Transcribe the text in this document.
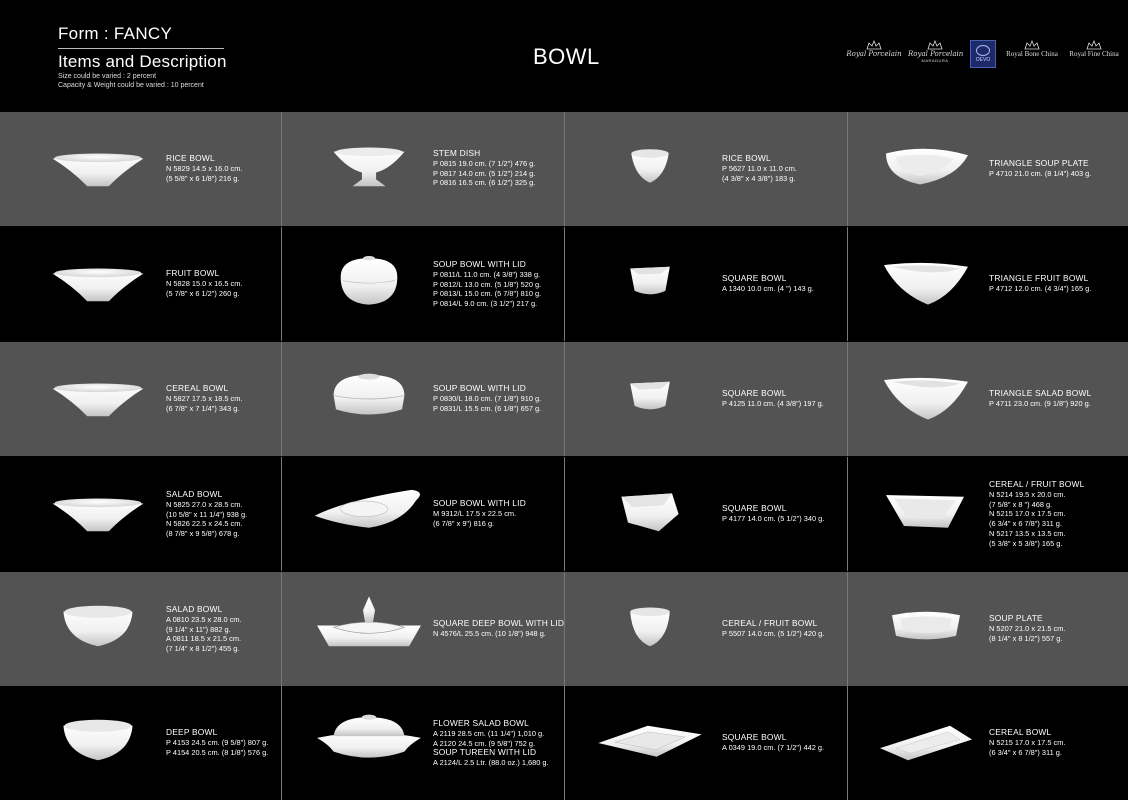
Form : FANCY
Items and Description
Size could be varied : 2 percent
Capacity & Weight could be varied : 10 percent
BOWL	Royal Porcelain Royal Porcelain
MARADURA	OEVO
Royal Bone China	Royal Fine China
RICE BOWL
N 5829 14.5 x 16.0 cm.
(5 5/8" x 6 1/8") 216 g.
STEM DISH
P 0815 19.0 cm. (7 1/2") 476 g.
P 0817 14.0 cm. (5 1/2") 214 g.
P 0816 16.5 cm. (6 1/2") 325 g.
RICE BOWL
P 5627 11.0 x 11.0 cm.
(4 3/8" x 4 3/8") 183 g.
TRIANGLE SOUP PLATE
P 4710 21.0 cm. (8 1/4") 403 g.
FRUIT BOWL
N 5828 15.0 x 16.5 cm.
(5 7/8" x 6 1/2") 260 g.
SOUP BOWL WITH LID
P 0811/L 11.0 cm. (4 3/8") 338 g.
P 0812/L 13.0 cm. (5 1/8") 520 g.
P 0813/L 15.0 cm. (5 7/8") 810 g.
P 0814/L 9.0 cm. (3 1/2") 217 g.
SQUARE BOWL
A 1340 10.0 cm. (4 ") 143 g.
TRIANGLE FRUIT BOWL
P 4712 12.0 cm. (4 3/4") 165 g.
CEREAL BOWL
N 5827 17.5 x 18.5 cm.
(6 7/8" x 7 1/4") 343 g.
SOUP BOWL WITH LID
P 0830/L 18.0 cm. (7 1/8") 910 g.
P 0831/L 15.5 cm. (6 1/8") 657 g.
SQUARE BOWL
P 4125 11.0 cm. (4 3/8") 197 g.
TRIANGLE SALAD BOWL
P 4711 23.0 cm. (9 1/8") 920 g.
SALAD BOWL
N 5825 27.0 x 28.5 cm.
(10 5/8" x 11 1/4") 938 g.
N 5826 22.5 x 24.5 cm.
(8 7/8" x 9 5/8") 678 g.
SOUP BOWL WITH LID
M 9312/L 17.5 x 22.5 cm.
(6 7/8" x 9") 816 g.
SQUARE BOWL
P 4177 14.0 cm. (5 1/2") 340 g.
CEREAL / FRUIT BOWL
N 5214 19.5 x 20.0 cm.
(7 5/8" x 8 ") 468 g.
N 5215 17.0 x 17.5 cm.
(6 3/4" x 6 7/8") 311 g.
N 5217 13.5 x 13.5 cm.
(5 3/8" x 5 3/8") 165 g.
SALAD BOWL
A 0810 23.5 x 28.0 cm.
(9 1/4" x 11") 882 g.
A 0811 18.5 x 21.5 cm.
(7 1/4" x 8 1/2") 455 g.
SQUARE DEEP BOWL WITH LID
N 4576/L 25.5 cm. (10 1/8") 948 g.
CEREAL / FRUIT BOWL
P 5507 14.0 cm. (5 1/2") 420 g.
SOUP PLATE
N 5207 21.0 x 21.5 cm.
(8 1/4" x 8 1/2") 557 g.
DEEP BOWL
P 4153 24.5 cm. (9 5/8") 807 g.
P 4154 20.5 cm. (8 1/8") 576 g.
FLOWER SALAD BOWL
A 2119 28.5 cm. (11 1/4") 1,010 g.
A 2120 24.5 cm. (9 5/8") 752 g.
SOUP TUREEN WITH LID
A 2124/L 2.5 Ltr. (88.0 oz.) 1,680 g.
SQUARE BOWL
A 0349 19.0 cm. (7 1/2") 442 g.
CEREAL BOWL
N 5215 17.0 x 17.5 cm.
(6 3/4" x 6 7/8") 311 g.
